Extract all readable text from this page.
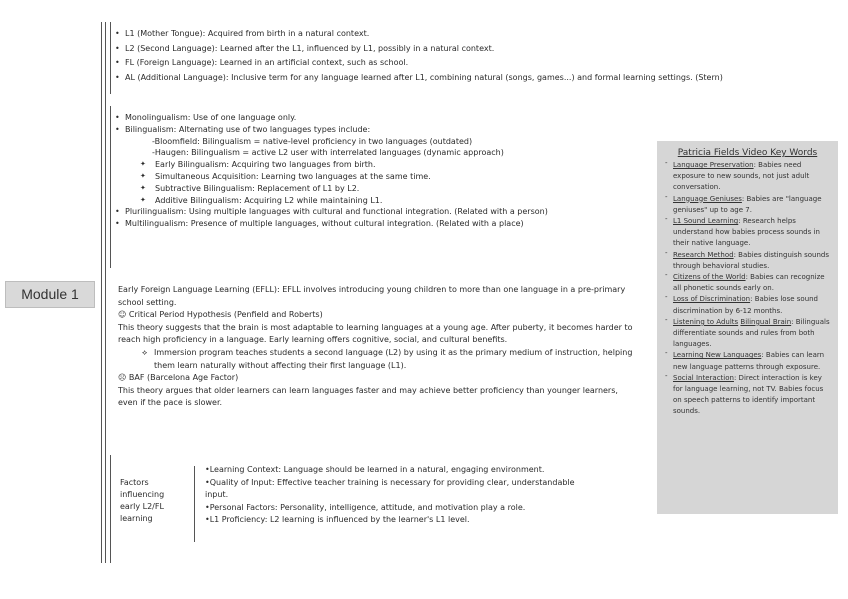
Module 1
• L1 (Mother Tongue): Acquired from birth in a natural context.
• L2 (Second Language): Learned after the L1, influenced by L1, possibly in a natural context.
• FL (Foreign Language): Learned in an artificial context, such as school.
• AL (Additional Language): Inclusive term for any language learned after L1, combining natural (songs, games...) and formal learning settings. (Stern)
• Monolingualism: Use of one language only.
• Bilingualism: Alternating use of two languages types include:
-Bloomfield: Bilingualism = native-level proficiency in two languages (outdated)
-Haugen: Bilingualism = active L2 user with interrelated languages (dynamic approach)
✦ Early Bilingualism: Acquiring two languages from birth.
✦ Simultaneous Acquisition: Learning two languages at the same time.
✦ Subtractive Bilingualism: Replacement of L1 by L2.
✦ Additive Bilingualism: Acquiring L2 while maintaining L1.
• Plurilingualism: Using multiple languages with cultural and functional integration. (Related with a person)
• Multilingualism: Presence of multiple languages, without cultural integration. (Related with a place)
Early Foreign Language Learning (EFLL): EFLL involves introducing young children to more than one language in a pre-primary school setting.
☺ Critical Period Hypothesis (Penfield and Roberts)
This theory suggests that the brain is most adaptable to learning languages at a young age. After puberty, it becomes harder to reach high proficiency in a language. Early learning offers cognitive, social, and cultural benefits.
⟡ Immersion program teaches students a second language (L2) by using it as the primary medium of instruction, helping them learn naturally without affecting their first language (L1).
☹ BAF (Barcelona Age Factor)
This theory argues that older learners can learn languages faster and may achieve better proficiency than younger learners, even if the pace is slower.
Factors influencing early L2/FL learning
•Learning Context: Language should be learned in a natural, engaging environment.
•Quality of Input: Effective teacher training is necessary for providing clear, understandable input.
•Personal Factors: Personality, intelligence, attitude, and motivation play a role.
•L1 Proficiency: L2 learning is influenced by the learner's L1 level.
Patricia Fields Video Key Words
- Language Preservation: Babies need exposure to new sounds, not just adult conversation.
- Language Geniuses: Babies are "language geniuses" up to age 7.
- L1 Sound Learning: Research helps understand how babies process sounds in their native language.
- Research Method: Babies distinguish sounds through behavioral studies.
- Citizens of the World: Babies can recognize all phonetic sounds early on.
- Loss of Discrimination: Babies lose sound discrimination by 6-12 months.
- Listening to Adults Bilingual Brain: Bilinguals differentiate sounds and rules from both languages.
- Learning New Languages: Babies can learn new language patterns through exposure.
- Social Interaction: Direct interaction is key for language learning, not TV. Babies focus on speech patterns to identify important sounds.
